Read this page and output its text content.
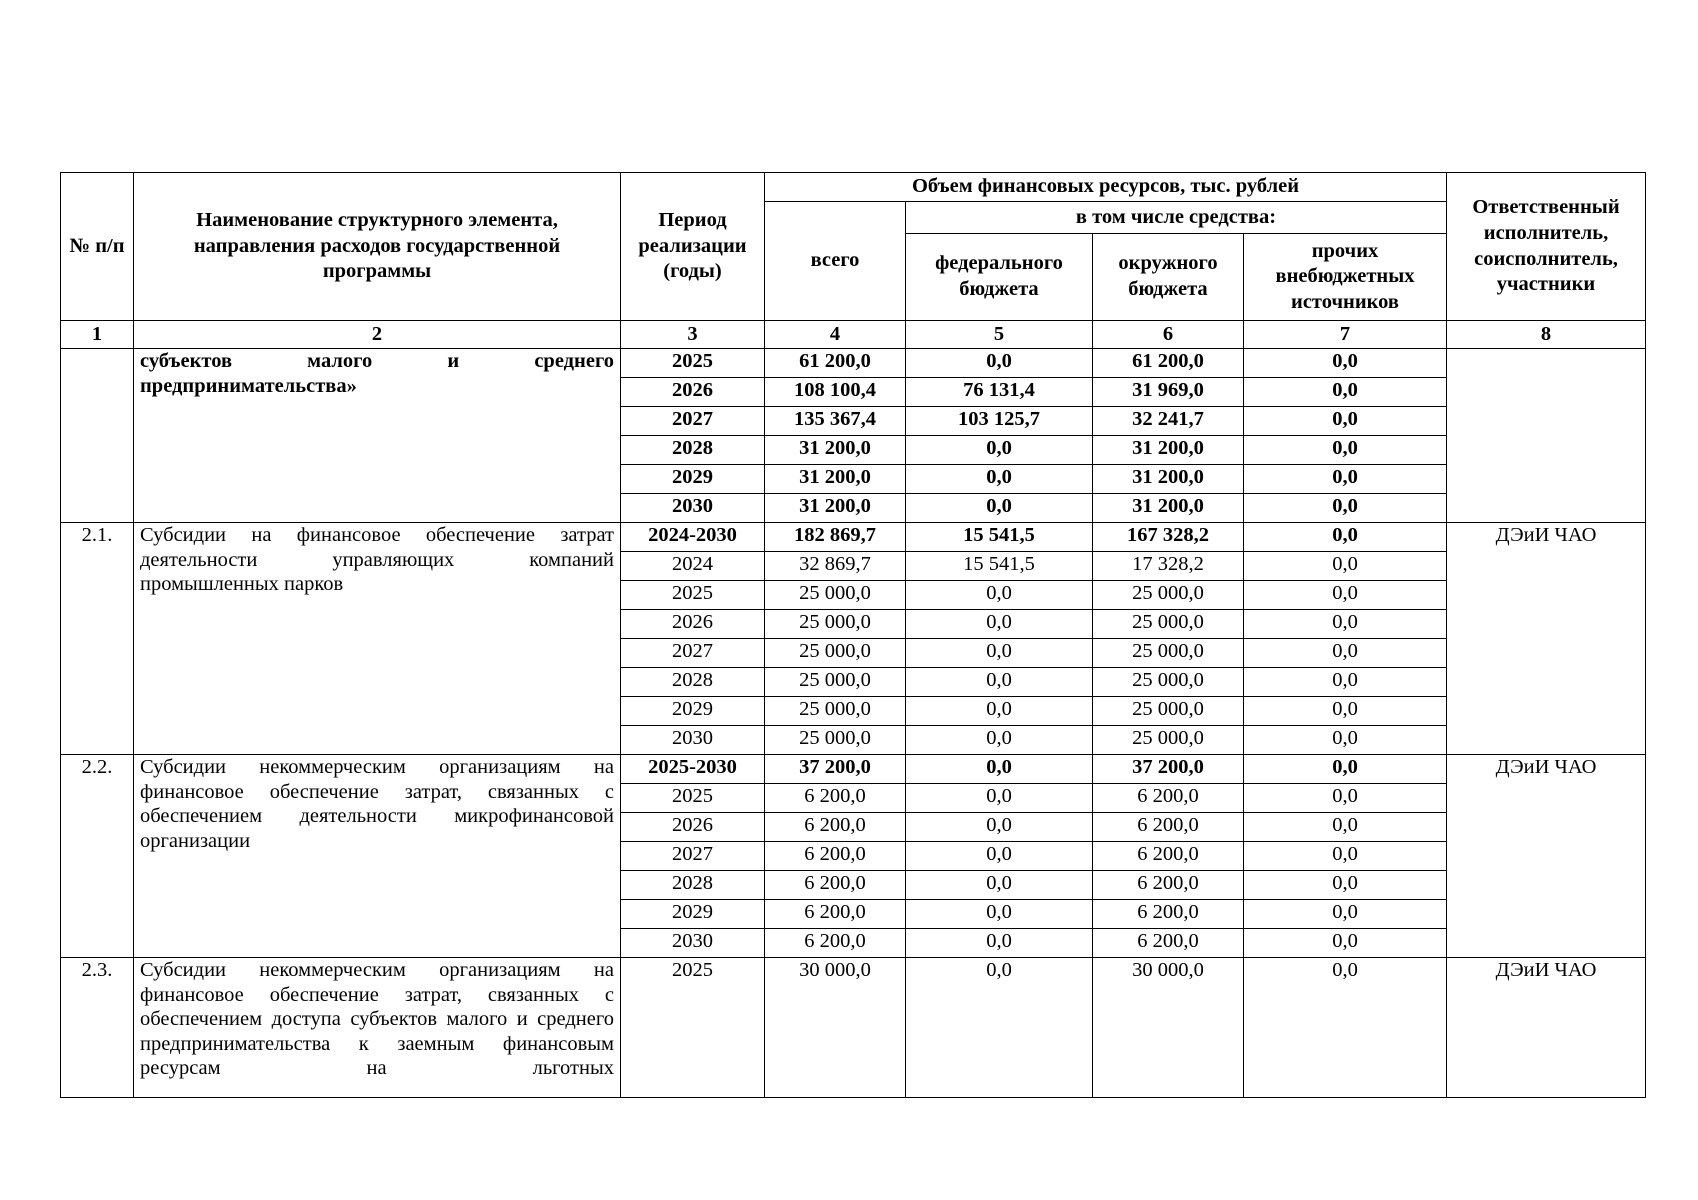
№ п/п	Наименование структурного элемента, направления расходов государственной программы	Период реализации (годы)	Объем финансовых ресурсов, тыс. рублей				Ответственный исполнитель, соисполнитель, участники
			всего	в том числе средства:			
				федерального бюджета	окружного бюджета	прочих внебюджетных источников	
1	2	3	4	5	6	7	8
	субъектов малого и среднего предпринимательства»	2025	61 200,0	0,0	61 200,0	0,0	
		2026	108 100,4	76 131,4	31 969,0	0,0	
		2027	135 367,4	103 125,7	32 241,7	0,0	
		2028	31 200,0	0,0	31 200,0	0,0	
		2029	31 200,0	0,0	31 200,0	0,0	
		2030	31 200,0	0,0	31 200,0	0,0	
2.1.	Субсидии на финансовое обеспечение затрат деятельности управляющих компаний промышленных парков	2024-2030	182 869,7	15 541,5	167 328,2	0,0	ДЭиИ ЧАО
		2024	32 869,7	15 541,5	17 328,2	0,0	
		2025	25 000,0	0,0	25 000,0	0,0	
		2026	25 000,0	0,0	25 000,0	0,0	
		2027	25 000,0	0,0	25 000,0	0,0	
		2028	25 000,0	0,0	25 000,0	0,0	
		2029	25 000,0	0,0	25 000,0	0,0	
		2030	25 000,0	0,0	25 000,0	0,0	
2.2.	Субсидии некоммерческим организациям на финансовое обеспечение затрат, связанных с обеспечением деятельности микрофинансовой организации	2025-2030	37 200,0	0,0	37 200,0	0,0	ДЭиИ ЧАО
		2025	6 200,0	0,0	6 200,0	0,0	
		2026	6 200,0	0,0	6 200,0	0,0	
		2027	6 200,0	0,0	6 200,0	0,0	
		2028	6 200,0	0,0	6 200,0	0,0	
		2029	6 200,0	0,0	6 200,0	0,0	
		2030	6 200,0	0,0	6 200,0	0,0	
2.3.	Субсидии некоммерческим организациям на финансовое обеспечение затрат, связанных с обеспечением доступа субъектов малого и среднего предпринимательства к заемным финансовым ресурсам на льготных	2025	30 000,0	0,0	30 000,0	0,0	ДЭиИ ЧАО
